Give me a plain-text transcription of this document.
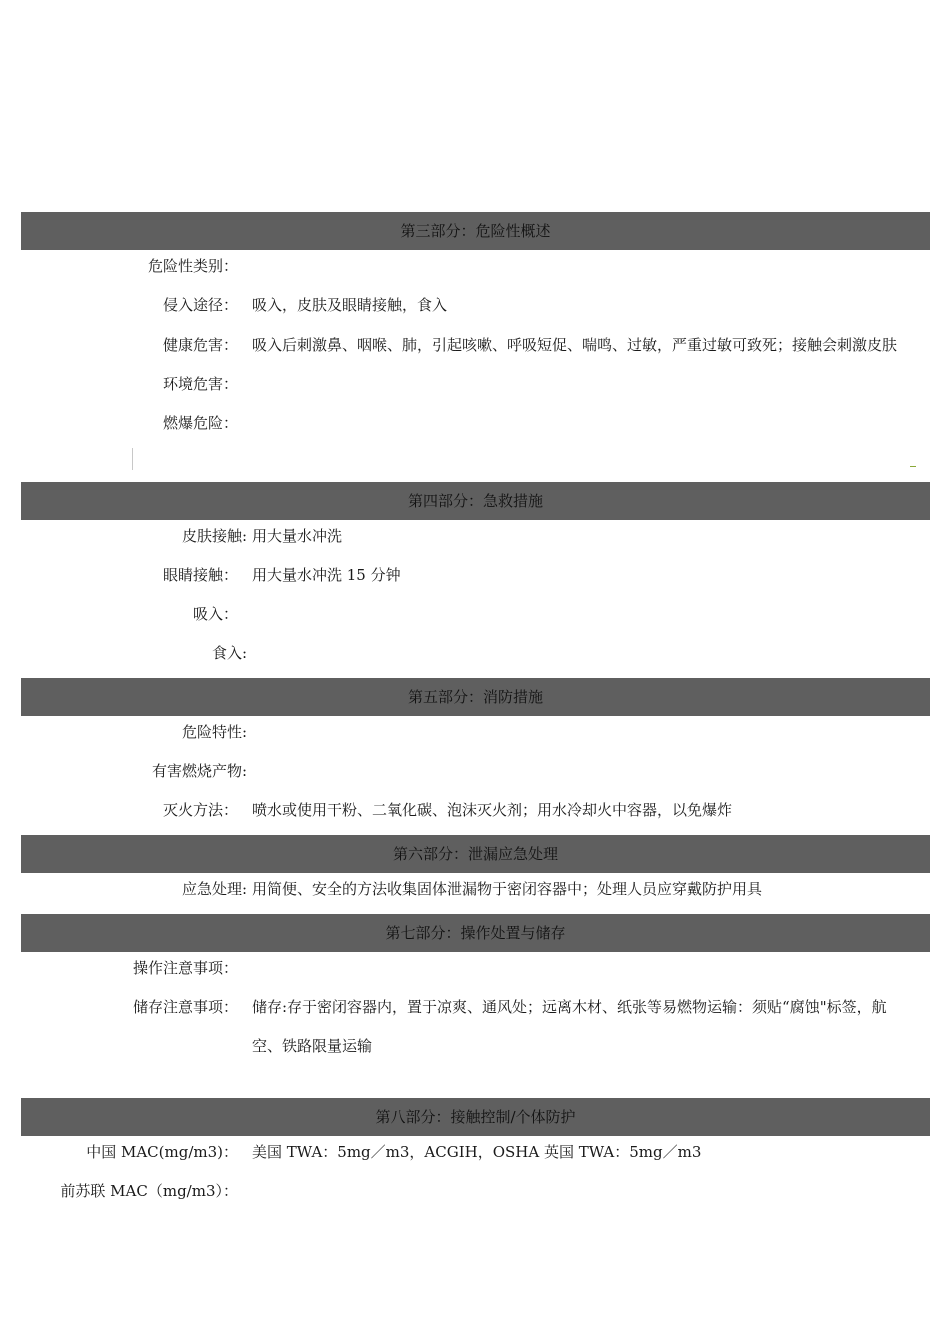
第三部分：危险性概述
危险性类别：
侵入途径： 吸入，皮肤及眼睛接触，食入
健康危害： 吸入后刺激鼻、咽喉、肺，引起咳嗽、呼吸短促、喘鸣、过敏，严重过敏可致死；接触会刺激皮肤
环境危害：
燃爆危险：
第四部分：急救措施
皮肤接触: 用大量水冲洗
眼睛接触： 用大量水冲洗 15 分钟
吸入：
食入:
第五部分：消防措施
危险特性:
有害燃烧产物:
灭火方法： 喷水或使用干粉、二氧化碳、泡沫灭火剂；用水冷却火中容器，以免爆炸
第六部分：泄漏应急处理
应急处理: 用简便、安全的方法收集固体泄漏物于密闭容器中；处理人员应穿戴防护用具
第七部分：操作处置与储存
操作注意事项：
储存注意事项： 储存:存于密闭容器内，置于凉爽、通风处；远离木材、纸张等易燃物运输：须贴“腐蚀"标签，航
空、铁路限量运输
第八部分：接触控制/个体防护
中国 MAC(mg/m3)： 美国 TWA：5mg／m3，ACGIH，OSHA 英国 TWA：5mg／m3
前苏联 MAC（mg/m3）：
